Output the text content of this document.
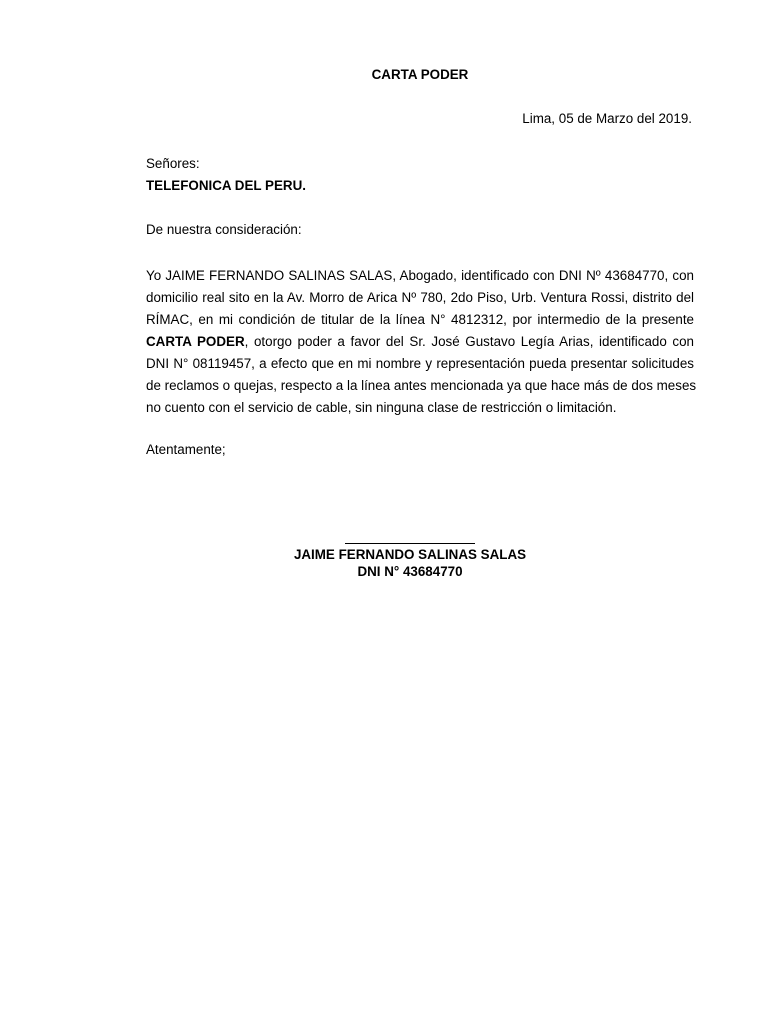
CARTA PODER
Lima, 05 de Marzo del 2019.
Señores:
TELEFONICA DEL PERU.
De nuestra consideración:
Yo JAIME FERNANDO SALINAS SALAS, Abogado, identificado con DNI Nº 43684770, con
domicilio real sito en la Av. Morro de Arica Nº 780, 2do Piso, Urb. Ventura Rossi, distrito del
RÍMAC, en mi condición de titular de la línea N° 4812312, por intermedio de la presente
CARTA PODER, otorgo poder a favor del Sr. José Gustavo Legía Arias, identificado con
DNI N° 08119457, a efecto que en mi nombre y representación pueda presentar solicitudes
de reclamos o quejas, respecto a la línea antes mencionada ya que hace más de dos meses
no cuento con el servicio de cable, sin ninguna clase de restricción o limitación.
Atentamente;
JAIME FERNANDO SALINAS SALAS
DNI N° 43684770
